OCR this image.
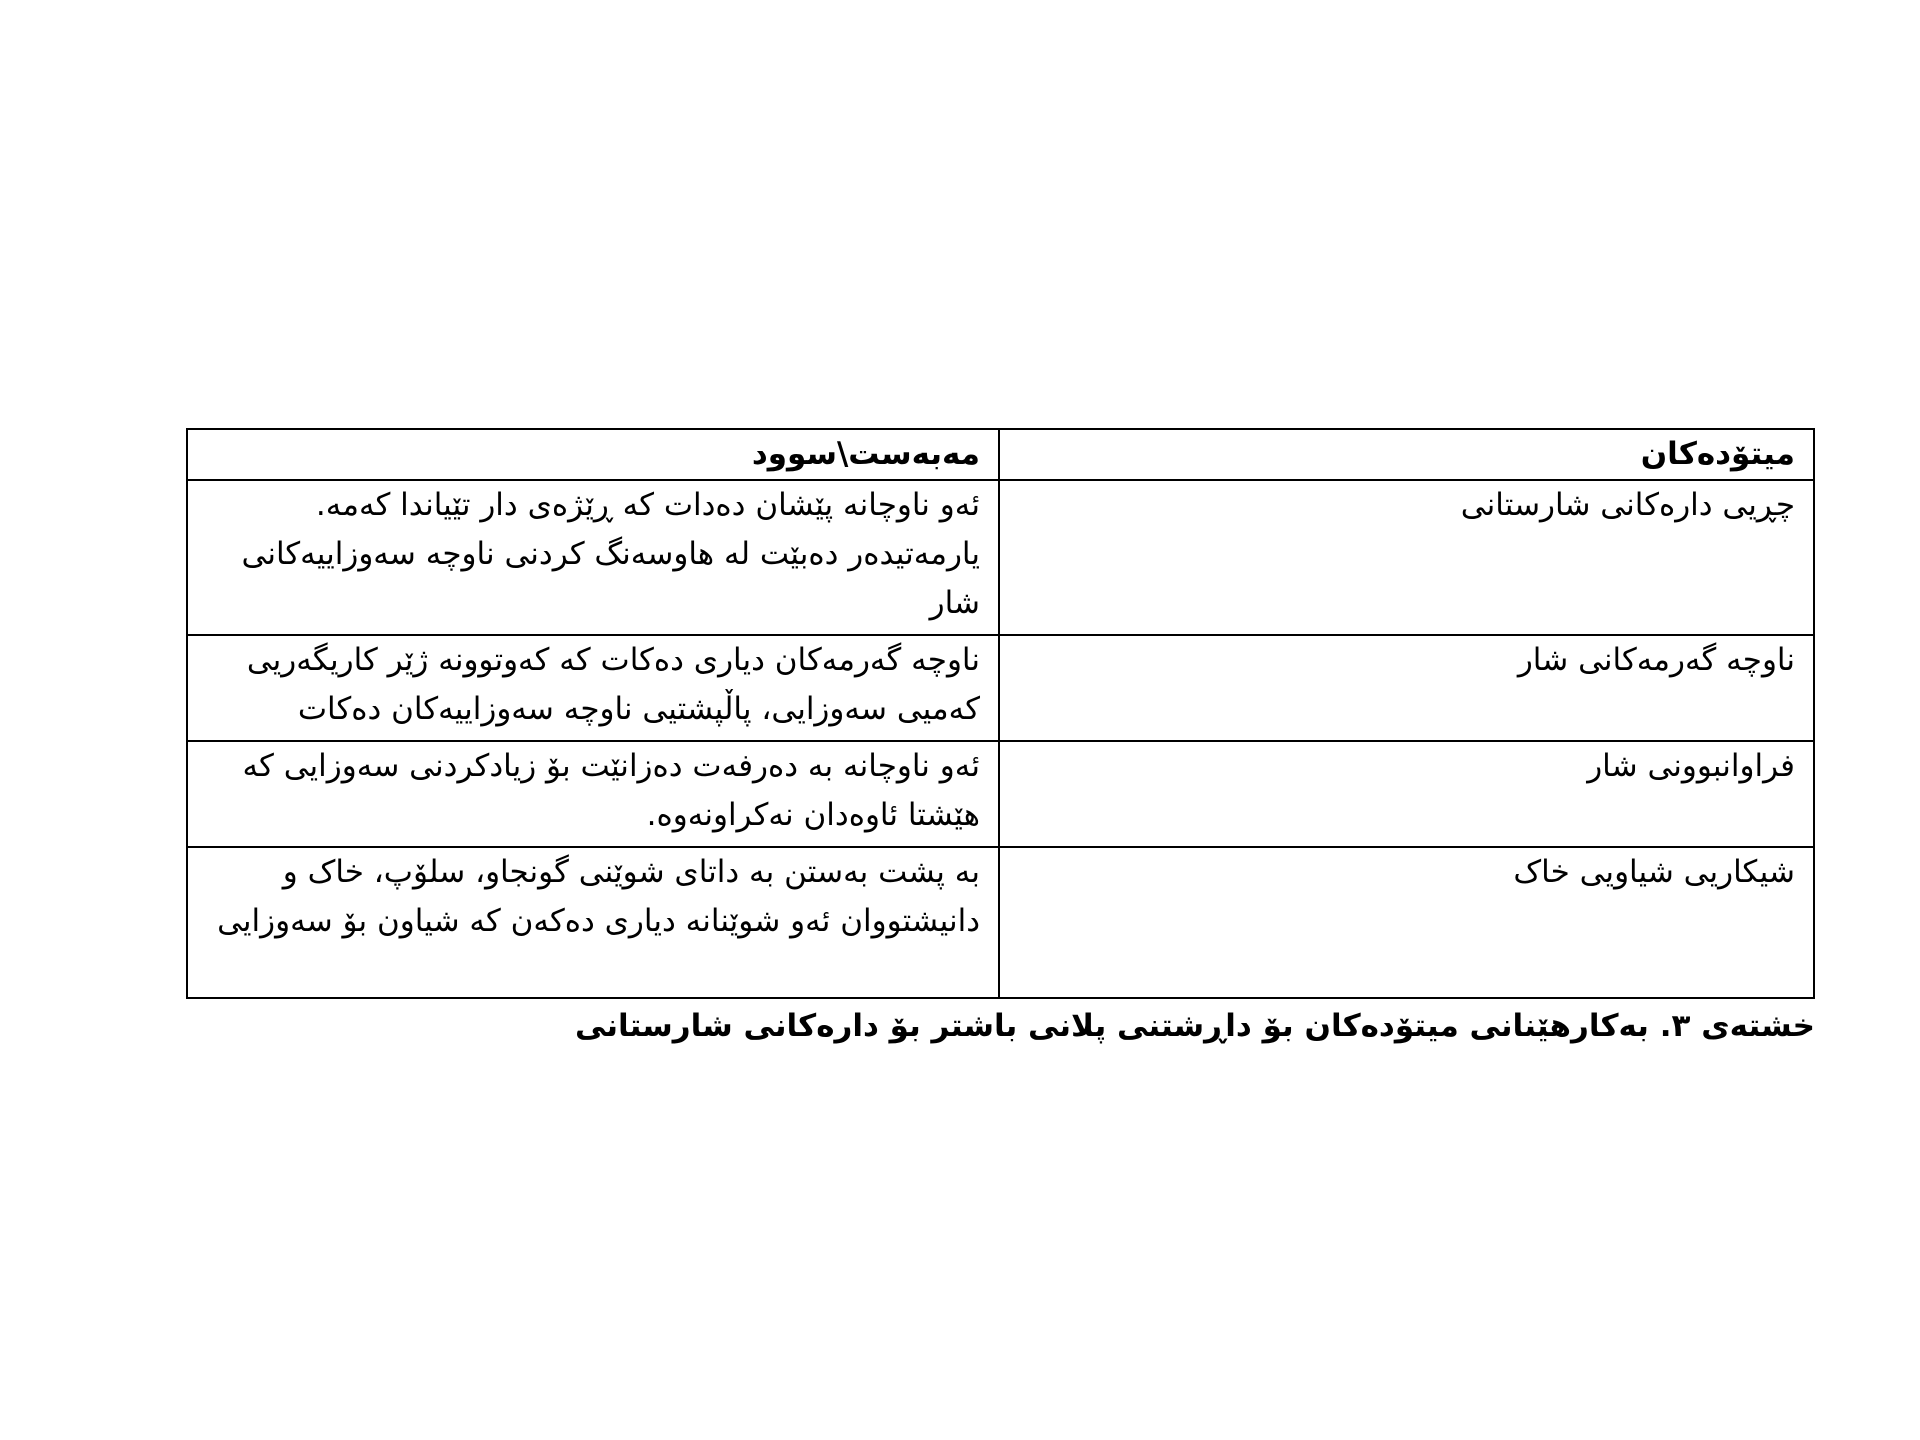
میتۆدەکان	مەبەست\سوود
چڕیی دارەکانی شارستانی	ئەو ناوچانە پێشان دەدات کە ڕێژەی دار تێیاندا کەمە. یارمەتیدەر دەبێت لە هاوسەنگ کردنی ناوچە سەوزاییەکانی شار
ناوچە گەرمەکانی شار	ناوچە گەرمەکان دیاری دەکات کە کەوتوونە ژێر کاریگەریی کەمیی سەوزایی، پاڵپشتیی ناوچە سەوزاییەکان دەکات
فراوانبوونی شار	ئەو ناوچانە بە دەرفەت دەزانێت بۆ زیادکردنی سەوزایی کە هێشتا ئاوەدان نەکراونەوە.
شیکاریی شیاویی خاک	بە پشت بەستن بە داتای شوێنی گونجاو، سلۆپ، خاک و دانیشتووان ئەو شوێنانە دیاری دەکەن کە شیاون بۆ سەوزایی
خشتەی ٣. بەکارهێنانی میتۆدەکان بۆ داڕشتنی پلانی باشتر بۆ دارەکانی شارستانی
